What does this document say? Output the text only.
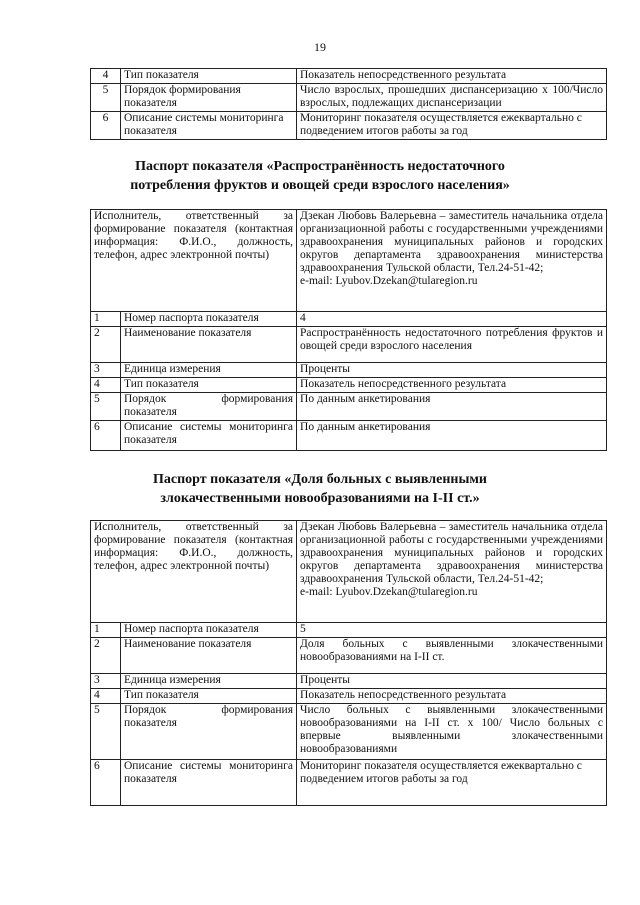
19
4	Тип показателя	Показатель непосредственного результата
5	Порядок формирования показателя	Число взрослых, прошедших диспансеризацию х 100/Число взрослых, подлежащих диспансеризации
6	Описание системы мониторинга показателя	Мониторинг показателя осуществляется ежеквартально с подведением итогов работы за год
Паспорт показателя «Распространённость недостаточного
потребления фруктов и овощей среди взрослого населения»
Исполнитель, ответственный за формирование показателя (контактная информация: Ф.И.О., должность, телефон, адрес электронной почты)		Дзекан Любовь Валерьевна – заместитель начальника отдела организационной работы с государственными учреждениями здравоохранения муниципальных районов и городских округов департамента здравоохранения министерства здравоохранения Тульской области, Тел.24-51-42;
e-mail: Lyubov.Dzekan@tularegion.ru
1	Номер паспорта показателя	4
2	Наименование показателя	Распространённость недостаточного потребления фруктов и овощей среди взрослого населения
3	Единица измерения	Проценты
4	Тип показателя	Показатель непосредственного результата
5	Порядок формирования показателя	По данным анкетирования
6	Описание системы мониторинга показателя	По данным анкетирования
Паспорт показателя «Доля больных с выявленными
злокачественными новообразованиями на I-II ст.»
Исполнитель, ответственный за формирование показателя (контактная информация: Ф.И.О., должность, телефон, адрес электронной почты)		Дзекан Любовь Валерьевна – заместитель начальника отдела организационной работы с государственными учреждениями здравоохранения муниципальных районов и городских округов департамента здравоохранения министерства здравоохранения Тульской области, Тел.24-51-42;
e-mail: Lyubov.Dzekan@tularegion.ru
1	Номер паспорта показателя	5
2	Наименование показателя	Доля больных с выявленными злокачественными новообразованиями на I-II ст.
3	Единица измерения	Проценты
4	Тип показателя	Показатель непосредственного результата
5	Порядок формирования показателя	Число больных с выявленными злокачественными новообразованиями на I-II ст. х 100/ Число больных с впервые выявленными злокачественными новообразованиями
6	Описание системы мониторинга показателя	Мониторинг показателя осуществляется ежеквартально с подведением итогов работы за год
